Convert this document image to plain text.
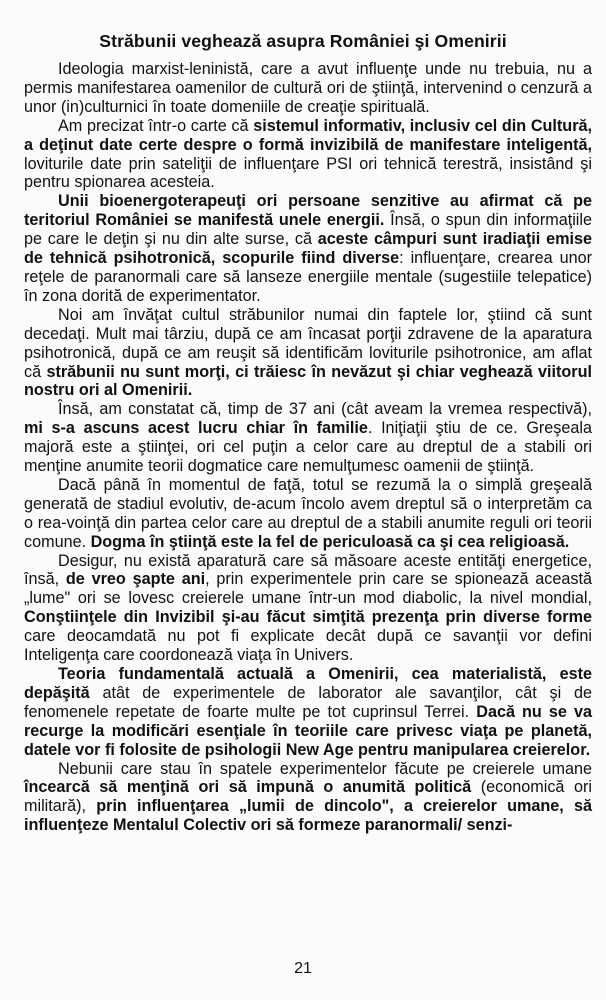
Străbunii veghează asupra României şi Omenirii

Ideologia marxist-leninistă, care a avut influenţe unde nu trebuia, nu a permis manifestarea oamenilor de cultură ori de ştiinţă, intervenind o cenzură a unor (in)culturnici în toate domeniile de creaţie spirituală.

Am precizat într-o carte că sistemul informativ, inclusiv cel din Cultură, a deţinut date certe despre o formă invizibilă de manifestare inteligentă, loviturile date prin sateliţii de influenţare PSI ori tehnică terestră, insistând şi pentru spionarea acesteia.

Unii bioenergoterapeuţi ori persoane senzitive au afirmat că pe teritoriul României se manifestă unele energii. Însă, o spun din informaţiile pe care le deţin şi nu din alte surse, că aceste câmpuri sunt iradiaţii emise de tehnică psihotronică, scopurile fiind diverse: influenţare, crearea unor reţele de paranormali care să lanseze energiile mentale (sugestiile telepatice) în zona dorită de experimentator.

Noi am învăţat cultul străbunilor numai din faptele lor, ştiind că sunt decedaţi. Mult mai târziu, după ce am încasat porţii zdravene de la aparatura psihotronică, după ce am reuşit să identificăm loviturile psihotronice, am aflat că străbunii nu sunt morţi, ci trăiesc în nevăzut şi chiar veghează viitorul nostru ori al Omenirii.

Însă, am constatat că, timp de 37 ani (cât aveam la vremea respectivă), mi s-a ascuns acest lucru chiar în familie. Iniţiaţii ştiu de ce. Greşeala majoră este a ştiinţei, ori cel puţin a celor care au dreptul de a stabili ori menţine anumite teorii dogmatice care nemulţumesc oamenii de ştiinţă.

Dacă până în momentul de faţă, totul se rezumă la o simplă greşeală generată de stadiul evolutiv, de-acum încolo avem dreptul să o interpretăm ca o rea-voinţă din partea celor care au dreptul de a stabili anumite reguli ori teorii comune. Dogma în ştiinţă este la fel de periculoasă ca şi cea religioasă.

Desigur, nu există aparatură care să măsoare aceste entităţi energetice, însă, de vreo şapte ani, prin experimentele prin care se spionează această „lume" ori se lovesc creierele umane într-un mod diabolic, la nivel mondial, Conştiinţele din Invizibil şi-au făcut simţită prezenţa prin diverse forme care deocamdată nu pot fi explicate decât după ce savanţii vor defini Inteligenţa care coordonează viaţa în Univers.

Teoria fundamentală actuală a Omenirii, cea materialistă, este depăşită atât de experimentele de laborator ale savanţilor, cât şi de fenomenele repetate de foarte multe pe tot cuprinsul Terrei. Dacă nu se va recurge la modificări esenţiale în teoriile care privesc viaţa pe planetă, datele vor fi folosite de psihologii New Age pentru manipularea creierelor.

Nebunii care stau în spatele experimentelor făcute pe creierele umane încearcă să menţină ori să impună o anumită politică (economică ori militară), prin influenţarea „lumii de dincolo", a creierelor umane, să influenţeze Mentalul Colectiv ori să formeze paranormali/ senzi-

21
